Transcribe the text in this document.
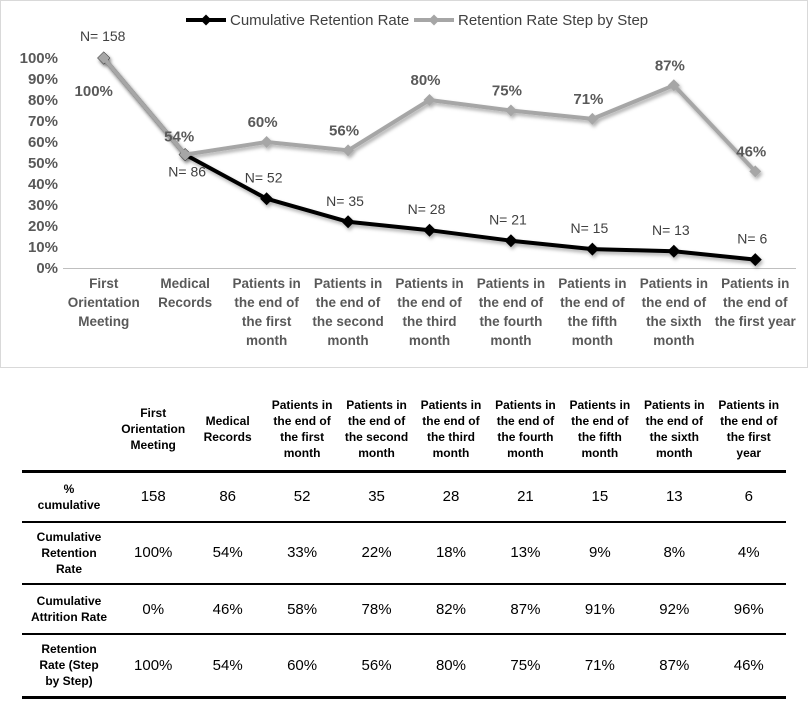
0%
10%
20%
30%
40%
50%
60%
70%
80%
90%
100%
First Orientation Meeting
Medical Records
Patients in the end of the first month
Patients in the end of the second month
Patients in the end of the third month
Patients in the end of the fourth month
Patients in the end of the fifth month
Patients in the end of the sixth month
Patients in the end of the first year
N= 158
N= 86	N= 52
N= 35
N= 28
N= 21
N= 15	N= 13
N= 6
100%
54%
60%	56%
80%
75%	71%
87%
46%
Cumulative Retention Rate	Retention Rate Step by Step
	First Orientation Meeting	Medical Records	Patients in the end of the first month	Patients in the end of the second month	Patients in the end of the third month	Patients in the end of the fourth month	Patients in the end of the fifth month	Patients in the end of the sixth month	Patients in the end of the first year
% cumulative	158	86	52	35	28	21	15	13	6
Cumulative Retention Rate	100%	54%	33%	22%	18%	13%	9%	8%	4%
Cumulative Attrition Rate	0%	46%	58%	78%	82%	87%	91%	92%	96%
Retention Rate (Step by Step)	100%	54%	60%	56%	80%	75%	71%	87%	46%
